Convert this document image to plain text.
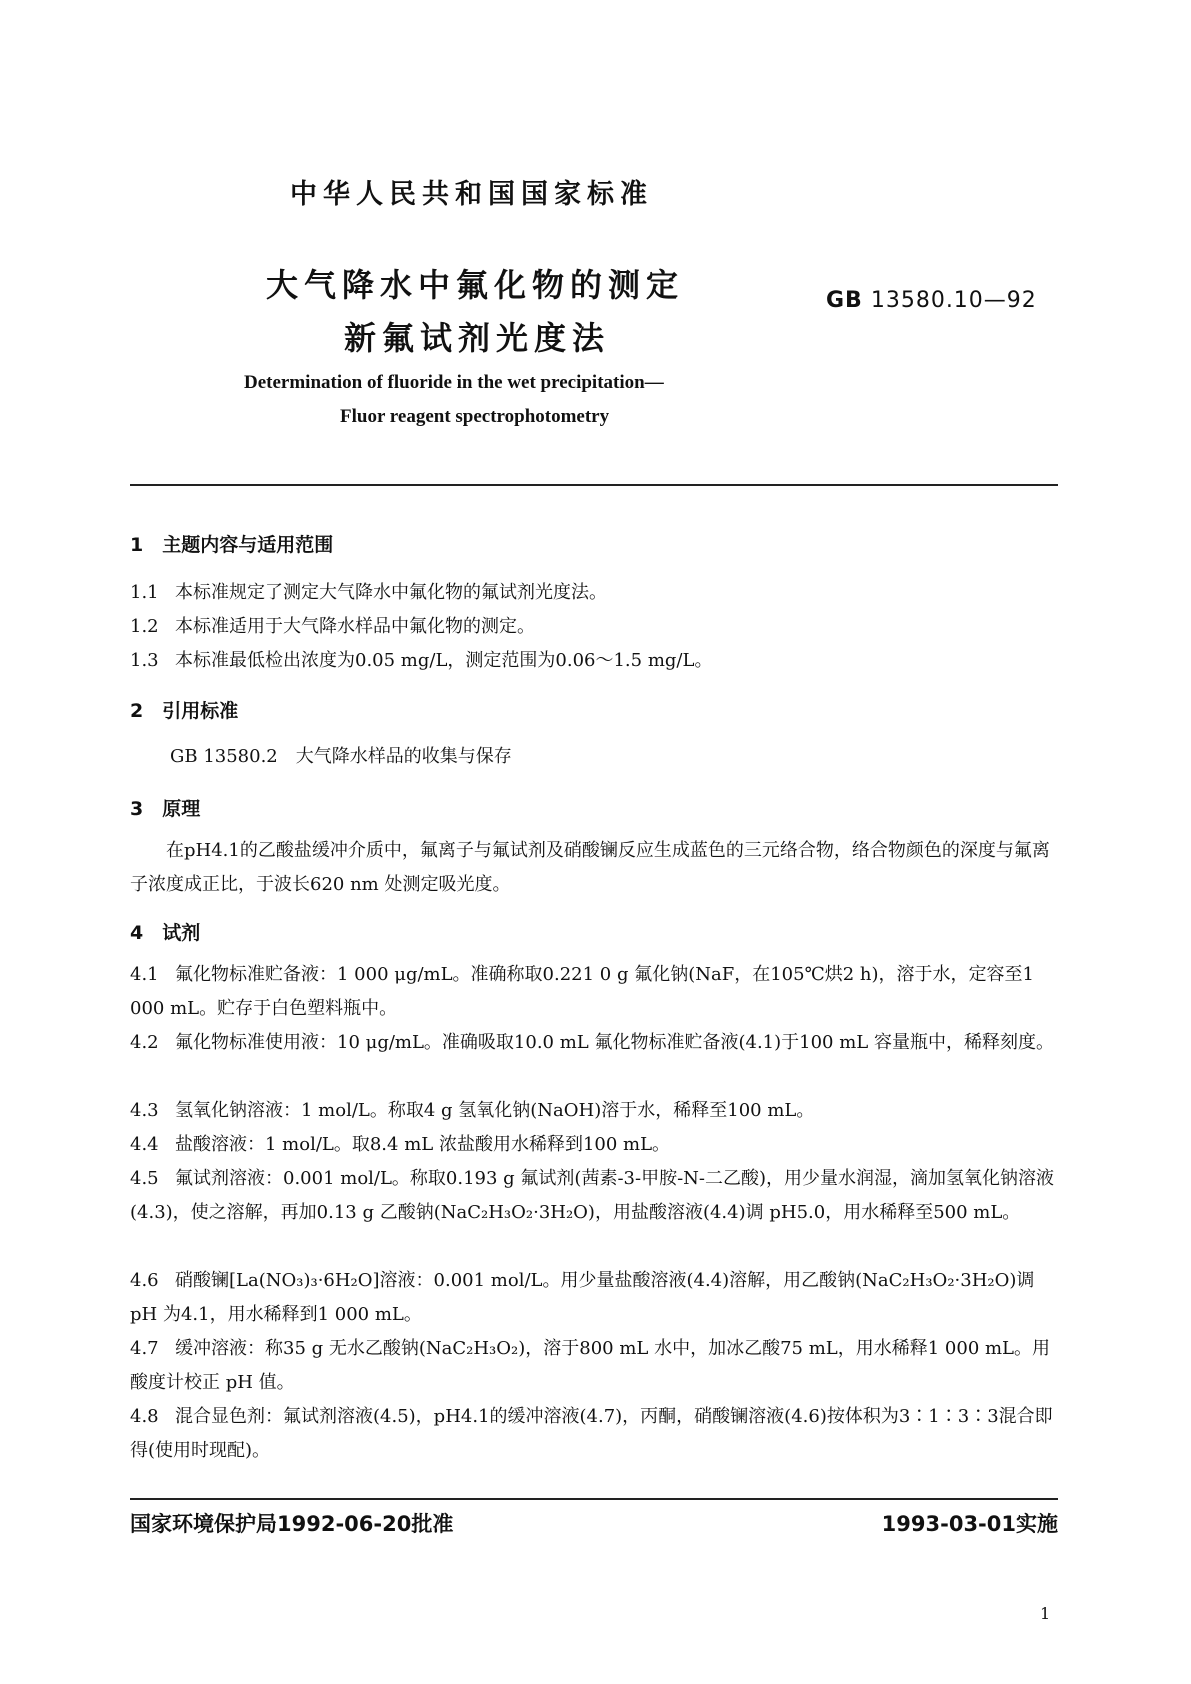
中华人民共和国国家标准
大气降水中氟化物的测定
新氟试剂光度法
GB 13580.10—92
Determination of fluoride in the wet precipitation—
Fluor reagent spectrophotometry
1　主题内容与适用范围
1.1 本标准规定了测定大气降水中氟化物的氟试剂光度法。
1.2 本标准适用于大气降水样品中氟化物的测定。
1.3 本标准最低检出浓度为0.05 mg/L，测定范围为0.06～1.5 mg/L。
2　引用标准
GB 13580.2　大气降水样品的收集与保存
3　原理
在pH4.1的乙酸盐缓冲介质中，氟离子与氟试剂及硝酸镧反应生成蓝色的三元络合物，络合物颜色的深度与氟离子浓度成正比，于波长620 nm 处测定吸光度。
4　试剂
4.1 氟化物标准贮备液：1 000 μg/mL。准确称取0.221 0 g 氟化钠(NaF，在105℃烘2 h)，溶于水，定容至1 000 mL。贮存于白色塑料瓶中。
4.2 氟化物标准使用液：10 μg/mL。准确吸取10.0 mL 氟化物标准贮备液(4.1)于100 mL 容量瓶中，稀释刻度。
4.3 氢氧化钠溶液：1 mol/L。称取4 g 氢氧化钠(NaOH)溶于水，稀释至100 mL。
4.4 盐酸溶液：1 mol/L。取8.4 mL 浓盐酸用水稀释到100 mL。
4.5 氟试剂溶液：0.001 mol/L。称取0.193 g 氟试剂(茜素-3-甲胺-N-二乙酸)，用少量水润湿，滴加氢氧化钠溶液(4.3)，使之溶解，再加0.13 g 乙酸钠(NaC₂H₃O₂·3H₂O)，用盐酸溶液(4.4)调 pH5.0，用水稀释至500 mL。
4.6 硝酸镧[La(NO₃)₃·6H₂O]溶液：0.001 mol/L。用少量盐酸溶液(4.4)溶解，用乙酸钠(NaC₂H₃O₂·3H₂O)调 pH 为4.1，用水稀释到1 000 mL。
4.7 缓冲溶液：称35 g 无水乙酸钠(NaC₂H₃O₂)，溶于800 mL 水中，加冰乙酸75 mL，用水稀释1 000 mL。用酸度计校正 pH 值。
4.8 混合显色剂：氟试剂溶液(4.5)，pH4.1的缓冲溶液(4.7)，丙酮，硝酸镧溶液(4.6)按体积为3∶1∶3∶3混合即得(使用时现配)。
国家环境保护局1992-06-20批准	1993-03-01实施
1
